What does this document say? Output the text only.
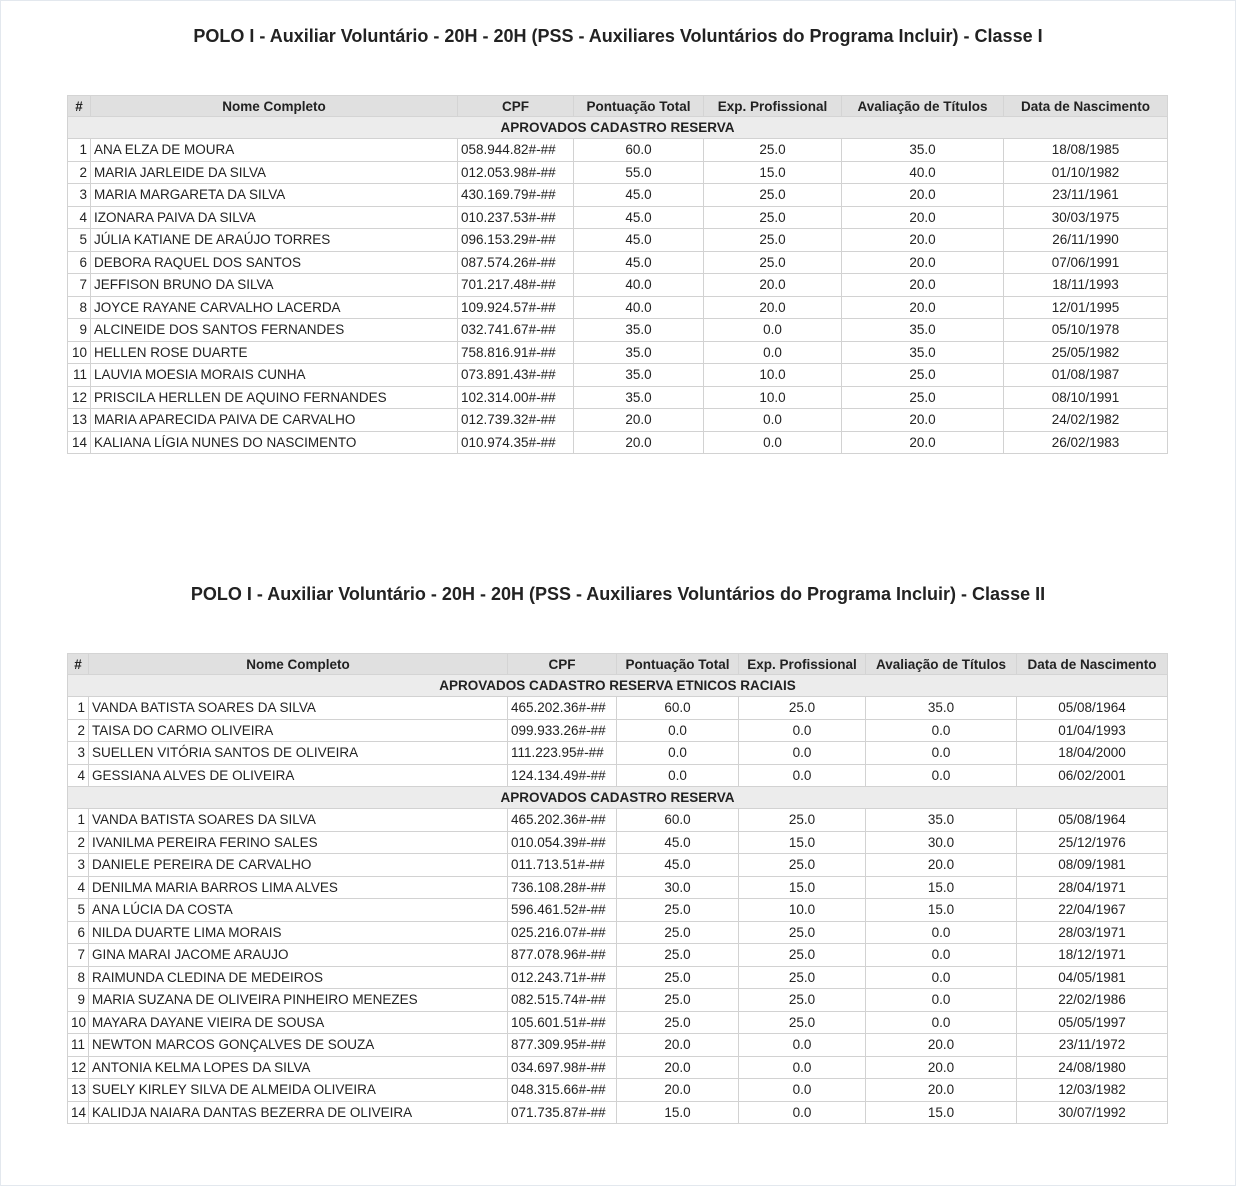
POLO I - Auxiliar Voluntário - 20H - 20H (PSS - Auxiliares Voluntários do Programa Incluir) - Classe I
#	Nome Completo	CPF	Pontuação Total	Exp. Profissional	Avaliação de Títulos	Data de Nascimento
APROVADOS CADASTRO RESERVA						
1	ANA ELZA DE MOURA	058.944.82#-##	60.0	25.0	35.0	18/08/1985
2	MARIA JARLEIDE DA SILVA	012.053.98#-##	55.0	15.0	40.0	01/10/1982
3	MARIA MARGARETA DA SILVA	430.169.79#-##	45.0	25.0	20.0	23/11/1961
4	IZONARA PAIVA DA SILVA	010.237.53#-##	45.0	25.0	20.0	30/03/1975
5	JÚLIA KATIANE DE ARAÚJO TORRES	096.153.29#-##	45.0	25.0	20.0	26/11/1990
6	DEBORA RAQUEL DOS SANTOS	087.574.26#-##	45.0	25.0	20.0	07/06/1991
7	JEFFISON BRUNO DA SILVA	701.217.48#-##	40.0	20.0	20.0	18/11/1993
8	JOYCE RAYANE CARVALHO LACERDA	109.924.57#-##	40.0	20.0	20.0	12/01/1995
9	ALCINEIDE DOS SANTOS FERNANDES	032.741.67#-##	35.0	0.0	35.0	05/10/1978
10	HELLEN ROSE DUARTE	758.816.91#-##	35.0	0.0	35.0	25/05/1982
11	LAUVIA MOESIA MORAIS CUNHA	073.891.43#-##	35.0	10.0	25.0	01/08/1987
12	PRISCILA HERLLEN DE AQUINO FERNANDES	102.314.00#-##	35.0	10.0	25.0	08/10/1991
13	MARIA APARECIDA PAIVA DE CARVALHO	012.739.32#-##	20.0	0.0	20.0	24/02/1982
14	KALIANA LÍGIA NUNES DO NASCIMENTO	010.974.35#-##	20.0	0.0	20.0	26/02/1983
POLO I - Auxiliar Voluntário - 20H - 20H (PSS - Auxiliares Voluntários do Programa Incluir) - Classe II
#	Nome Completo	CPF	Pontuação Total	Exp. Profissional	Avaliação de Títulos	Data de Nascimento
APROVADOS CADASTRO RESERVA ETNICOS RACIAIS						
1	VANDA BATISTA SOARES DA SILVA	465.202.36#-##	60.0	25.0	35.0	05/08/1964
2	TAISA DO CARMO OLIVEIRA	099.933.26#-##	0.0	0.0	0.0	01/04/1993
3	SUELLEN VITÓRIA SANTOS DE OLIVEIRA	111.223.95#-##	0.0	0.0	0.0	18/04/2000
4	GESSIANA ALVES DE OLIVEIRA	124.134.49#-##	0.0	0.0	0.0	06/02/2001
APROVADOS CADASTRO RESERVA						
1	VANDA BATISTA SOARES DA SILVA	465.202.36#-##	60.0	25.0	35.0	05/08/1964
2	IVANILMA PEREIRA FERINO SALES	010.054.39#-##	45.0	15.0	30.0	25/12/1976
3	DANIELE PEREIRA DE CARVALHO	011.713.51#-##	45.0	25.0	20.0	08/09/1981
4	DENILMA MARIA BARROS LIMA ALVES	736.108.28#-##	30.0	15.0	15.0	28/04/1971
5	ANA LÚCIA DA COSTA	596.461.52#-##	25.0	10.0	15.0	22/04/1967
6	NILDA DUARTE LIMA MORAIS	025.216.07#-##	25.0	25.0	0.0	28/03/1971
7	GINA MARAI JACOME ARAUJO	877.078.96#-##	25.0	25.0	0.0	18/12/1971
8	RAIMUNDA CLEDINA DE MEDEIROS	012.243.71#-##	25.0	25.0	0.0	04/05/1981
9	MARIA SUZANA DE OLIVEIRA PINHEIRO MENEZES	082.515.74#-##	25.0	25.0	0.0	22/02/1986
10	MAYARA DAYANE VIEIRA DE SOUSA	105.601.51#-##	25.0	25.0	0.0	05/05/1997
11	NEWTON MARCOS GONÇALVES DE SOUZA	877.309.95#-##	20.0	0.0	20.0	23/11/1972
12	ANTONIA KELMA LOPES DA SILVA	034.697.98#-##	20.0	0.0	20.0	24/08/1980
13	SUELY KIRLEY SILVA DE ALMEIDA OLIVEIRA	048.315.66#-##	20.0	0.0	20.0	12/03/1982
14	KALIDJA NAIARA DANTAS BEZERRA DE OLIVEIRA	071.735.87#-##	15.0	0.0	15.0	30/07/1992
